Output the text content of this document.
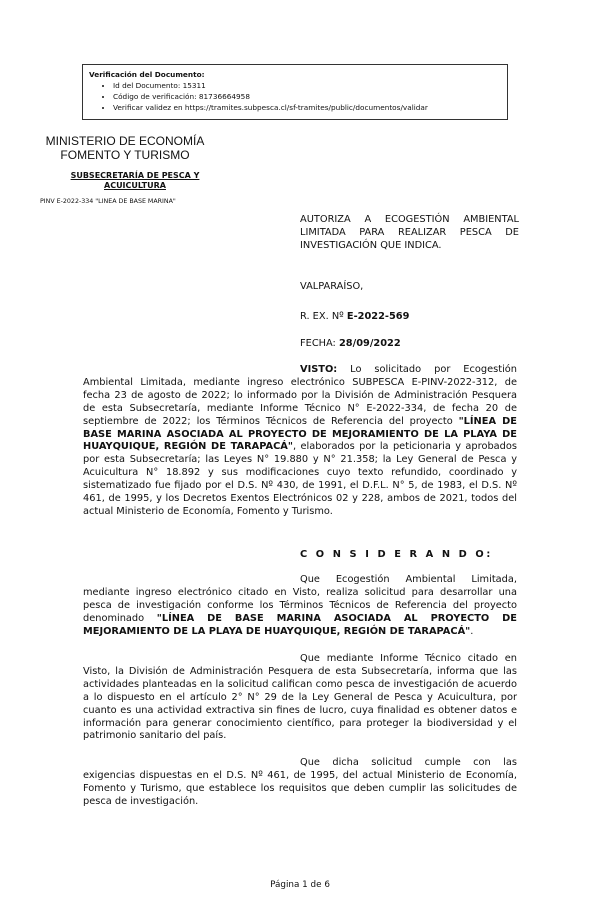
Verificación del Documento:
• Id del Documento: 15311
• Código de verificación: 81736664958
• Verificar validez en https://tramites.subpesca.cl/sf-tramites/public/documentos/validar
MINISTERIO DE ECONOMÍA
FOMENTO Y TURISMO
SUBSECRETARÍA DE PESCA Y ACUICULTURA
PINV E-2022-334 "LINEA DE BASE MARINA"
AUTORIZA A ECOGESTIÓN AMBIENTAL LIMITADA PARA REALIZAR PESCA DE INVESTIGACIÓN QUE INDICA.
VALPARAÍSO,
R. EX. Nº E-2022-569
FECHA: 28/09/2022

VISTO: Lo solicitado por Ecogestión Ambiental Limitada, mediante ingreso electrónico SUBPESCA E-PINV-2022-312, de fecha 23 de agosto de 2022; lo informado por la División de Administración Pesquera de esta Subsecretaría, mediante Informe Técnico N° E-2022-334, de fecha 20 de septiembre de 2022; los Términos Técnicos de Referencia del proyecto "LÍNEA DE BASE MARINA ASOCIADA AL PROYECTO DE MEJORAMIENTO DE LA PLAYA DE HUAYQUIQUE, REGIÓN DE TARAPACÁ", elaborados por la peticionaria y aprobados por esta Subsecretaría; las Leyes N° 19.880 y N° 21.358; la Ley General de Pesca y Acuicultura N° 18.892 y sus modificaciones cuyo texto refundido, coordinado y sistematizado fue fijado por el D.S. Nº 430, de 1991, el D.F.L. N° 5, de 1983, el D.S. Nº 461, de 1995, y los Decretos Exentos Electrónicos 02 y 228, ambos de 2021, todos del actual Ministerio de Economía, Fomento y Turismo.

C O N S I D E R A N D O:

Que Ecogestión Ambiental Limitada, mediante ingreso electrónico citado en Visto, realiza solicitud para desarrollar una pesca de investigación conforme los Términos Técnicos de Referencia del proyecto denominado "LÍNEA DE BASE MARINA ASOCIADA AL PROYECTO DE MEJORAMIENTO DE LA PLAYA DE HUAYQUIQUE, REGIÓN DE TARAPACÁ".

Que mediante Informe Técnico citado en Visto, la División de Administración Pesquera de esta Subsecretaría, informa que las actividades planteadas en la solicitud califican como pesca de investigación de acuerdo a lo dispuesto en el artículo 2° N° 29 de la Ley General de Pesca y Acuicultura, por cuanto es una actividad extractiva sin fines de lucro, cuya finalidad es obtener datos e información para generar conocimiento científico, para proteger la biodiversidad y el patrimonio sanitario del país.

Que dicha solicitud cumple con las exigencias dispuestas en el D.S. Nº 461, de 1995, del actual Ministerio de Economía, Fomento y Turismo, que establece los requisitos que deben cumplir las solicitudes de pesca de investigación.

Página 1 de 6
